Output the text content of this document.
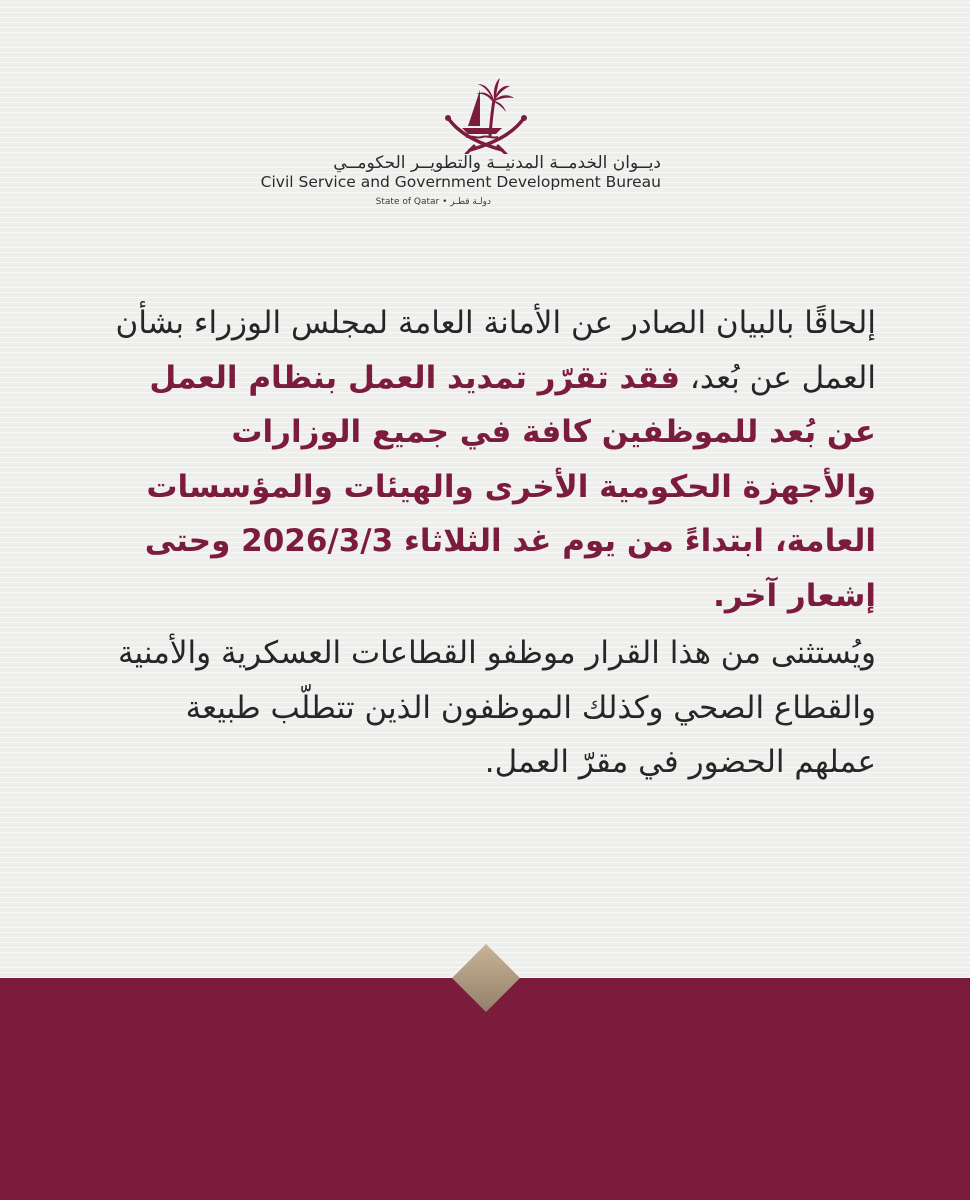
ديــوان الخدمــة المدنيــة والتطويــر الحكومــي
Civil Service and Government Development Bureau
State of Qatar • دولـة قطـر
إلحاقًا بالبيان الصادر عن الأمانة العامة لمجلس الوزراء بشأن العمل عن بُعد، فقد تقرّر تمديد العمل بنظام العمل عن بُعد للموظفين كافة في جميع الوزارات والأجهزة الحكومية الأخرى والهيئات والمؤسسات العامة، ابتداءً من يوم غد الثلاثاء 2026/3/3 وحتى إشعار آخر.
ويُستثنى من هذا القرار موظفو القطاعات العسكرية والأمنية والقطاع الصحي وكذلك الموظفون الذين تتطلّب طبيعة عملهم الحضور في مقرّ العمل.
